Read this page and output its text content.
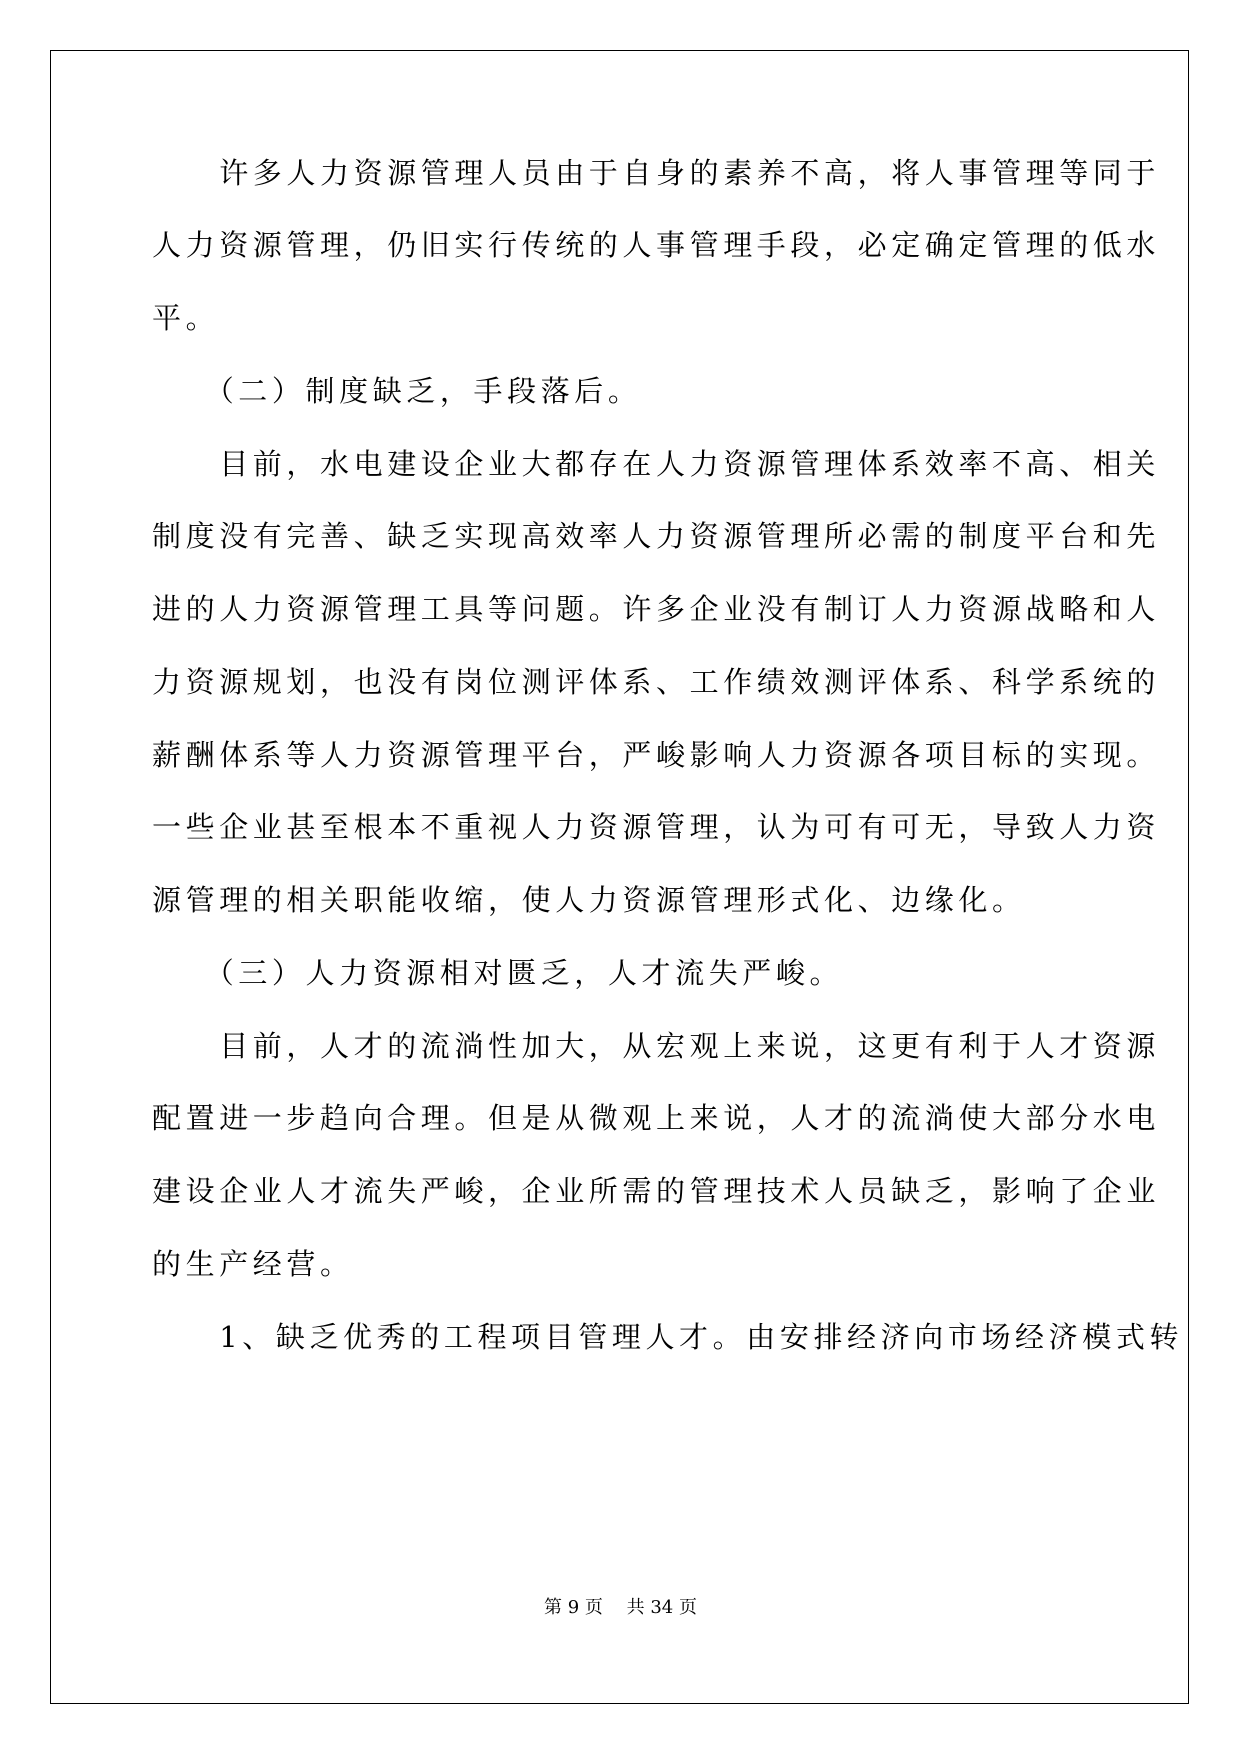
　　许多人力资源管理人员由于自身的素养不高，将人事管理等同于
人力资源管理，仍旧实行传统的人事管理手段，必定确定管理的低水
平。
　　（二）制度缺乏，手段落后。
　　目前，水电建设企业大都存在人力资源管理体系效率不高、相关
制度没有完善、缺乏实现高效率人力资源管理所必需的制度平台和先
进的人力资源管理工具等问题。许多企业没有制订人力资源战略和人
力资源规划，也没有岗位测评体系、工作绩效测评体系、科学系统的
薪酬体系等人力资源管理平台，严峻影响人力资源各项目标的实现。
一些企业甚至根本不重视人力资源管理，认为可有可无，导致人力资
源管理的相关职能收缩，使人力资源管理形式化、边缘化。
　　（三）人力资源相对匮乏，人才流失严峻。
　　目前，人才的流淌性加大，从宏观上来说，这更有利于人才资源
配置进一步趋向合理。但是从微观上来说，人才的流淌使大部分水电
建设企业人才流失严峻，企业所需的管理技术人员缺乏，影响了企业
的生产经营。
　　1、缺乏优秀的工程项目管理人才。由安排经济向市场经济模式转
第 9 页　 共 34 页
